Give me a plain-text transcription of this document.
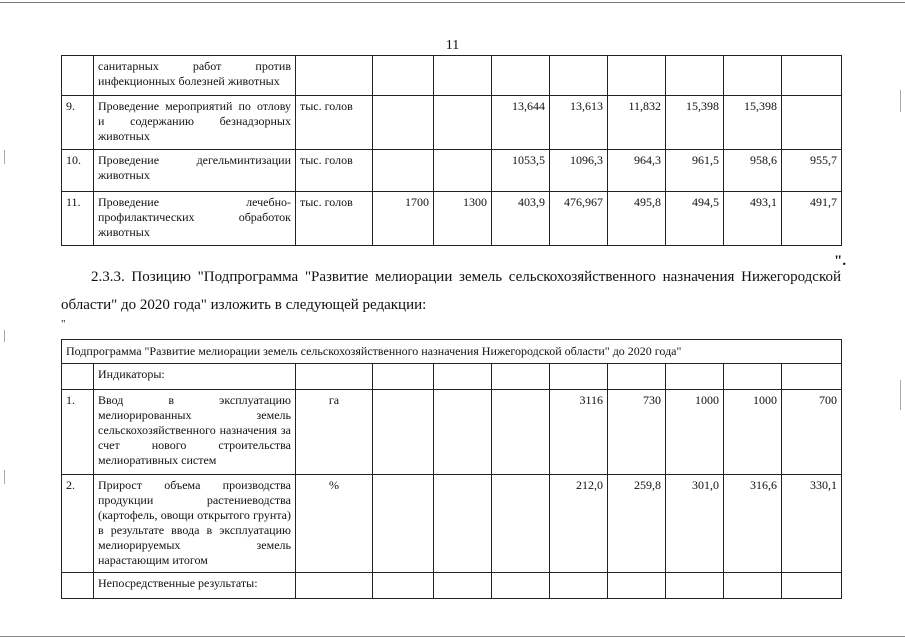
11
	санитарных работ против инфекционных болезней животных									
9.	Проведение мероприятий по отлову и содержанию безнадзорных животных	тыс. голов			13,644	13,613	11,832	15,398	15,398	
10.	Проведение дегельминтизации животных	тыс. голов			1053,5	1096,3	964,3	961,5	958,6	955,7
11.	Проведение лечебно-профилактических обработок животных	тыс. голов	1700	1300	403,9	476,967	495,8	494,5	493,1	491,7
".
2.3.3. Позицию "Подпрограмма "Развитие мелиорации земель сельскохозяйственного назначения Нижегородской области" до 2020 года" изложить в следующей редакции:
"
Подпрограмма "Развитие мелиорации земель сельскохозяйственного назначения Нижегородской области" до 2020 года"										
	Индикаторы:									
1.	Ввод в эксплуатацию мелиорированных земель сельскохозяйственного назначения за счет нового строительства мелиоративных систем	га				3116	730	1000	1000	700
2.	Прирост объема производства продукции растениеводства (картофель, овощи открытого грунта) в результате ввода в эксплуатацию мелиорируемых земель нарастающим итогом	%				212,0	259,8	301,0	316,6	330,1
	Непосредственные результаты:									
